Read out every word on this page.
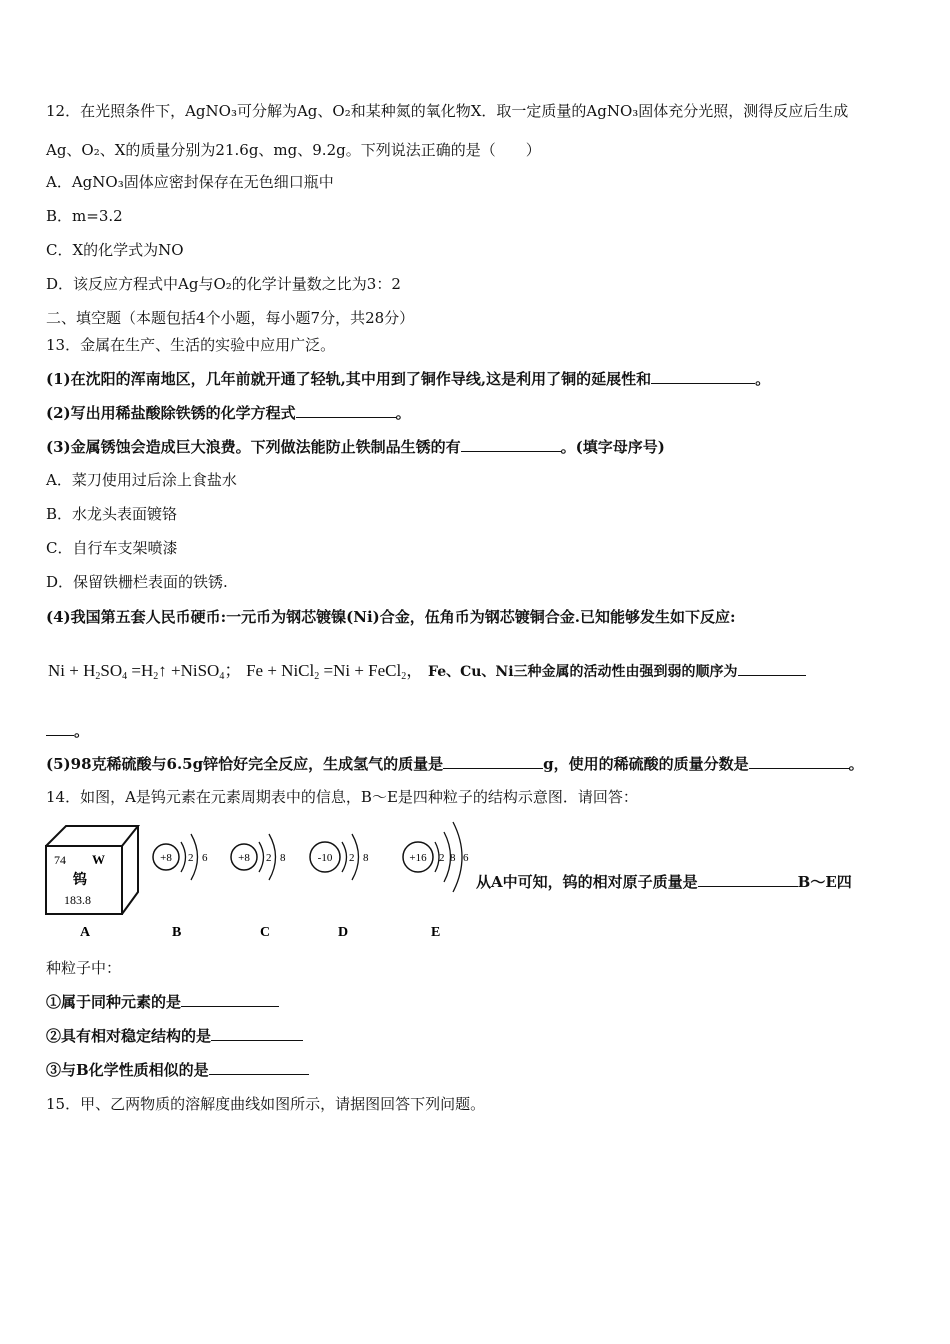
12．在光照条件下，AgNO₃可分解为Ag、O₂和某种氮的氧化物X．取一定质量的AgNO₃固体充分光照，测得反应后生成
Ag、O₂、X的质量分别为21.6g、mg、9.2g。下列说法正确的是（　　）
A．AgNO₃固体应密封保存在无色细口瓶中
B．m=3.2
C．X的化学式为NO
D．该反应方程式中Ag与O₂的化学计量数之比为3：2
二、填空题（本题包括4个小题，每小题7分，共28分）
13．金属在生产、生活的实验中应用广泛。
(1)在沈阳的浑南地区，几年前就开通了轻轨,其中用到了铜作导线,这是利用了铜的延展性和	。
(2)写出用稀盐酸除铁锈的化学方程式	。
(3)金属锈蚀会造成巨大浪费。下列做法能防止铁制品生锈的有	。(填字母序号)
A．菜刀使用过后涂上食盐水
B．水龙头表面镀铬
C．自行车支架喷漆
D．保留铁栅栏表面的铁锈.
(4)我国第五套人民币硬币:一元币为钢芯镀镍(Ni)合金，伍角币为钢芯镀铜合金.已知能够发生如下反应:
$Ni + H_2SO_4$ $=H_2↑$ +NiSO$_4$； Fe + NiCl$_2$ =Ni + FeCl$_2$， Fe、Cu、Ni三种金属的活动性由强到弱的顺序为
。
(5)98克稀硫酸与6.5g锌恰好完全反应，生成氢气的质量是	g，使用的稀硫酸的质量分数是	。
14．如图，A是钨元素在元素周期表中的信息，B～E是四种粒子的结构示意图．请回答：
74 W
钨
183.8
+8 2 6	+8 2 8	-10 2 8	+16 2 8 6
A	B	C	D	E
从A中可知，钨的相对原子质量是	B～E四
种粒子中：
①属于同种元素的是
②具有相对稳定结构的是
③与B化学性质相似的是
15．甲、乙两物质的溶解度曲线如图所示，请据图回答下列问题。
